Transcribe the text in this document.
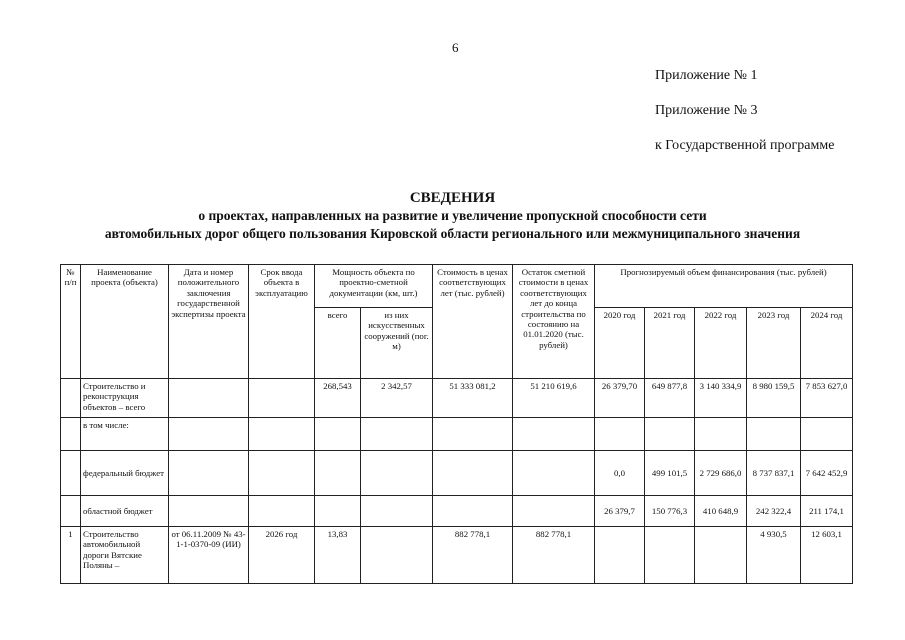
6
Приложение № 1
Приложение № 3
к Государственной программе
СВЕДЕНИЯ
о проектах, направленных на развитие и увеличение пропускной способности сети
автомобильных дорог общего пользования Кировской области регионального или межмуниципального значения
№ п/п	Наименование проекта (объекта)	Дата и номер положительного заключения государственной экспертизы проекта	Срок ввода объекта в эксплуатацию	Мощность объекта по проектно-сметной документации (км, шт.)		Стоимость в ценах соответствующих лет (тыс. рублей)	Остаток сметной стоимости в ценах соответствующих лет до конца строительства по состоянию на 01.01.2020 (тыс. рублей)	Прогнозируемый объем финансирования (тыс. рублей)				
				всего	из них искусственных сооружений (пог. м)			2020 год	2021 год	2022 год	2023 год	2024 год
	Строительство и реконструкция объектов – всего			268,543	2 342,57	51 333 081,2	51 210 619,6	26 379,70	649 877,8	3 140 334,9	8 980 159,5	7 853 627,0
	в том числе:											
	федеральный бюджет							0,0	499 101,5	2 729 686,0	8 737 837,1	7 642 452,9
	областной бюджет							26 379,7	150 776,3	410 648,9	242 322,4	211 174,1
1	Строительство автомобильной дороги Вятские Поляны –	от 06.11.2009 № 43-1-1-0370-09 (ИИ)	2026 год	13,83		882 778,1	882 778,1				4 930,5	12 603,1
